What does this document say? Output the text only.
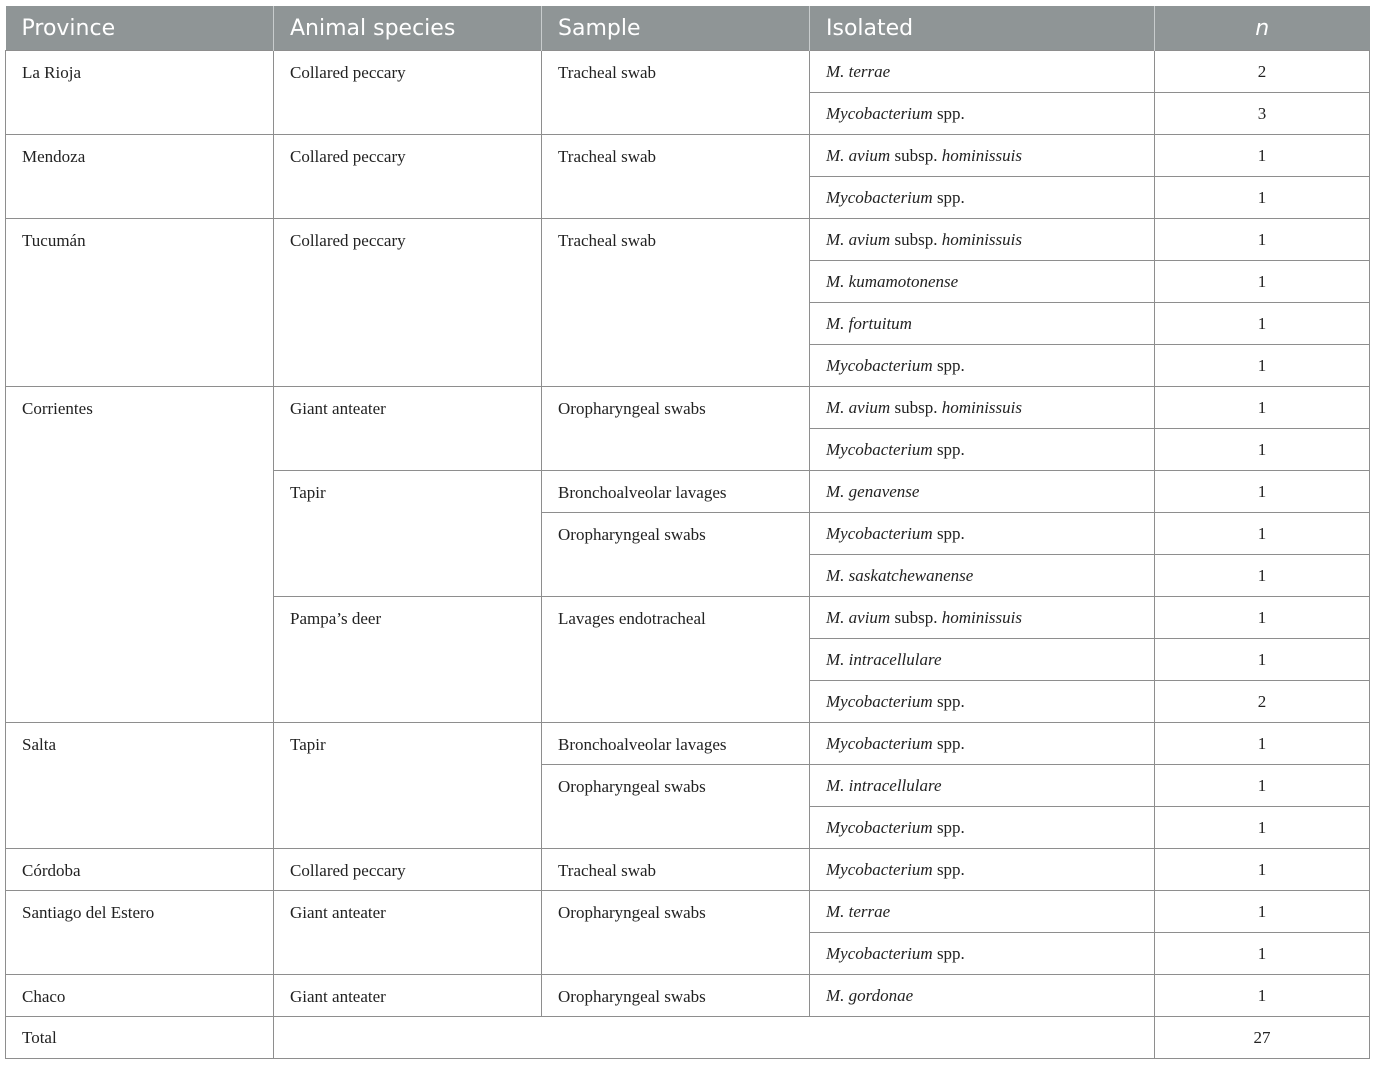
Province	Animal species	Sample	Isolated	n
La Rioja	Collared peccary	Tracheal swab	M. terrae	2
			Mycobacterium spp.	3
Mendoza	Collared peccary	Tracheal swab	M. avium subsp. hominissuis	1
			Mycobacterium spp.	1
Tucumán	Collared peccary	Tracheal swab	M. avium subsp. hominissuis	1
			M. kumamotonense	1
			M. fortuitum	1
			Mycobacterium spp.	1
Corrientes	Giant anteater	Oropharyngeal swabs	M. avium subsp. hominissuis	1
			Mycobacterium spp.	1
	Tapir	Bronchoalveolar lavages	M. genavense	1
		Oropharyngeal swabs	Mycobacterium spp.	1
			M. saskatchewanense	1
	Pampa’s deer	Lavages endotracheal	M. avium subsp. hominissuis	1
			M. intracellulare	1
			Mycobacterium spp.	2
Salta	Tapir	Bronchoalveolar lavages	Mycobacterium spp.	1
		Oropharyngeal swabs	M. intracellulare	1
			Mycobacterium spp.	1
Córdoba	Collared peccary	Tracheal swab	Mycobacterium spp.	1
Santiago del Estero	Giant anteater	Oropharyngeal swabs	M. terrae	1
			Mycobacterium spp.	1
Chaco	Giant anteater	Oropharyngeal swabs	M. gordonae	1
Total				27
